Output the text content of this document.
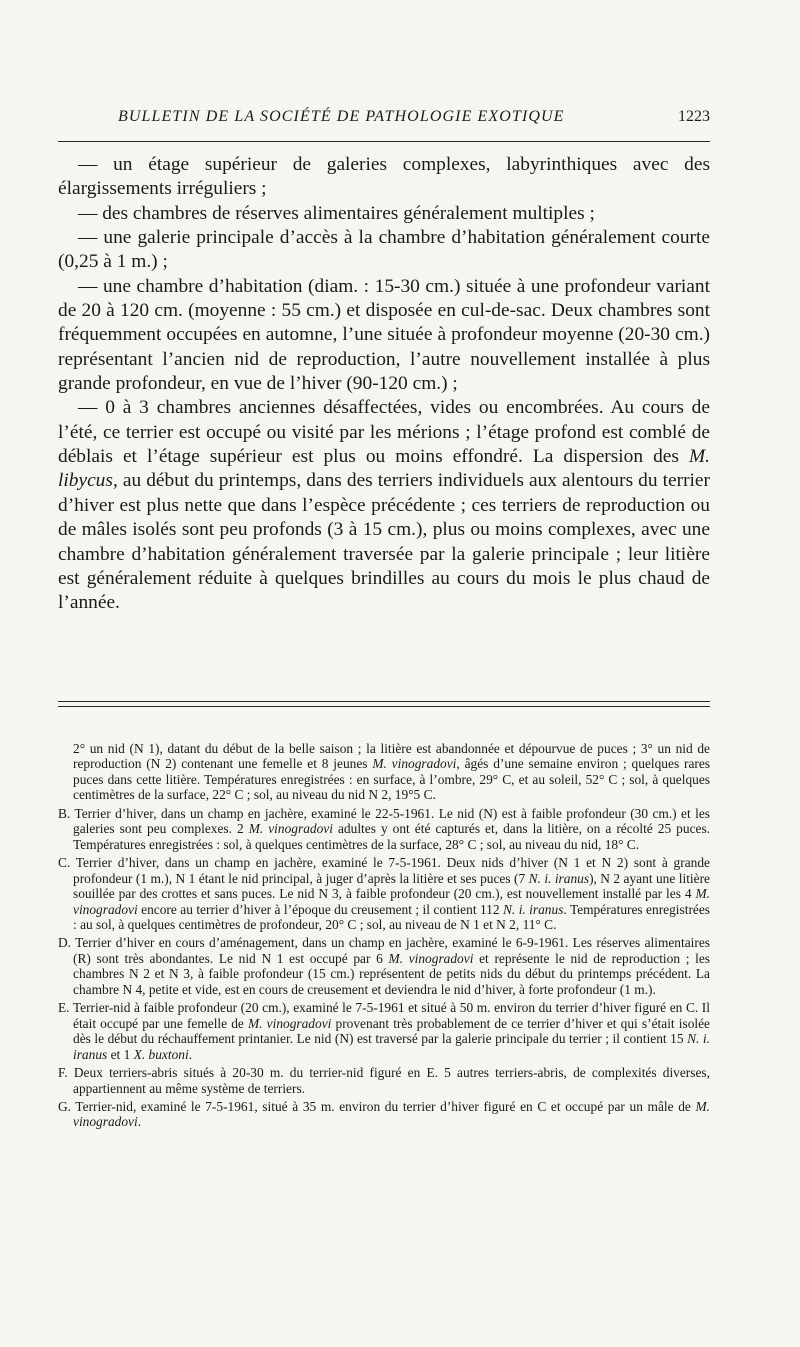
BULLETIN DE LA SOCIÉTÉ DE PATHOLOGIE EXOTIQUE	1223

— un étage supérieur de galeries complexes, labyrinthiques avec des élargissements irréguliers ;

— des chambres de réserves alimentaires généralement multiples ;

— une galerie principale d’accès à la chambre d’habitation généralement courte (0,25 à 1 m.) ;

— une chambre d’habitation (diam. : 15-30 cm.) située à une profondeur variant de 20 à 120 cm. (moyenne : 55 cm.) et disposée en cul-de-sac. Deux chambres sont fréquemment occupées en automne, l’une située à profondeur moyenne (20-30 cm.) représentant l’ancien nid de reproduction, l’autre nouvellement installée à plus grande profondeur, en vue de l’hiver (90-120 cm.) ;

— 0 à 3 chambres anciennes désaffectées, vides ou encombrées. Au cours de l’été, ce terrier est occupé ou visité par les mérions ; l’étage profond est comblé de déblais et l’étage supérieur est plus ou moins effondré. La dispersion des M. libycus, au début du printemps, dans des terriers individuels aux alentours du terrier d’hiver est plus nette que dans l’espèce précédente ; ces terriers de reproduction ou de mâles isolés sont peu profonds (3 à 15 cm.), plus ou moins complexes, avec une chambre d’habitation généralement traversée par la galerie principale ; leur litière est généralement réduite à quelques brindilles au cours du mois le plus chaud de l’année.

2° un nid (N 1), datant du début de la belle saison ; la litière est abandonnée et dépourvue de puces ; 3° un nid de reproduction (N 2) contenant une femelle et 8 jeunes M. vinogradovi, âgés d’une semaine environ ; quelques rares puces dans cette litière. Températures enregistrées : en surface, à l’ombre, 29° C, et au soleil, 52° C ; sol, à quelques centimètres de la surface, 22° C ; sol, au niveau du nid N 2, 19°5 C.

B. Terrier d’hiver, dans un champ en jachère, examiné le 22-5-1961. Le nid (N) est à faible profondeur (30 cm.) et les galeries sont peu complexes. 2 M. vinogradovi adultes y ont été capturés et, dans la litière, on a récolté 25 puces. Températures enregistrées : sol, à quelques centimètres de la surface, 28° C ; sol, au niveau du nid, 18° C.

C. Terrier d’hiver, dans un champ en jachère, examiné le 7-5-1961. Deux nids d’hiver (N 1 et N 2) sont à grande profondeur (1 m.), N 1 étant le nid principal, à juger d’après la litière et ses puces (7 N. i. iranus), N 2 ayant une litière souillée par des crottes et sans puces. Le nid N 3, à faible profondeur (20 cm.), est nouvellement installé par les 4 M. vinogradovi encore au terrier d’hiver à l’époque du creusement ; il contient 112 N. i. iranus. Températures enregistrées : au sol, à quelques centimètres de profondeur, 20° C ; sol, au niveau de N 1 et N 2, 11° C.

D. Terrier d’hiver en cours d’aménagement, dans un champ en jachère, examiné le 6-9-1961. Les réserves alimentaires (R) sont très abondantes. Le nid N 1 est occupé par 6 M. vinogradovi et représente le nid de reproduction ; les chambres N 2 et N 3, à faible profondeur (15 cm.) représentent de petits nids du début du printemps précédent. La chambre N 4, petite et vide, est en cours de creusement et deviendra le nid d’hiver, à forte profondeur (1 m.).

E. Terrier-nid à faible profondeur (20 cm.), examiné le 7-5-1961 et situé à 50 m. environ du terrier d’hiver figuré en C. Il était occupé par une femelle de M. vinogradovi provenant très probablement de ce terrier d’hiver et qui s’était isolée dès le début du réchauffement printanier. Le nid (N) est traversé par la galerie principale du terrier ; il contient 15 N. i. iranus et 1 X. buxtoni.

F. Deux terriers-abris situés à 20-30 m. du terrier-nid figuré en E. 5 autres terriers-abris, de complexités diverses, appartiennent au même système de terriers.

G. Terrier-nid, examiné le 7-5-1961, situé à 35 m. environ du terrier d’hiver figuré en C et occupé par un mâle de M. vinogradovi.
